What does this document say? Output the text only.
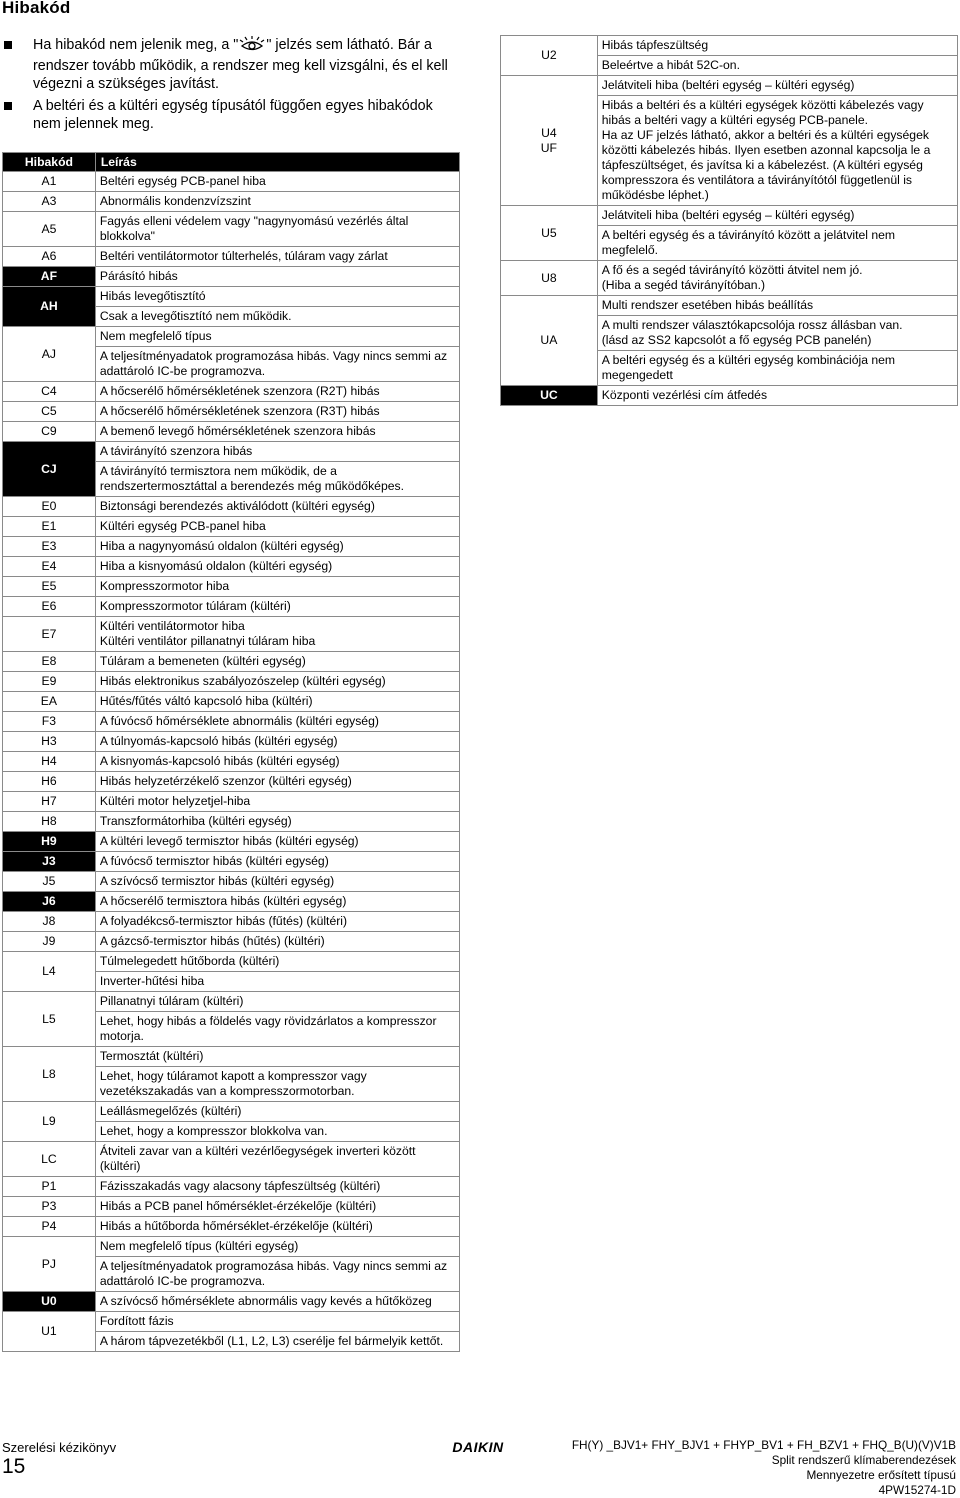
Hibakód
Ha hibakód nem jelenik meg, a " " jelzés sem látható. Bár a rendszer tovább működik, a rendszer meg kell vizsgálni, és el kell végezni a szükséges javítást.
A beltéri és a kültéri egység típusától függően egyes hibakódok nem jelennek meg.
Hibakód	Leírás
A1	Beltéri egység PCB-panel hiba

A3	Abnormális kondenzvízszint

A5	Fagyás elleni védelem vagy "nagynyomású vezérlés által blokkolva"

A6	Beltéri ventilátormotor túlterhelés, túláram vagy zárlat

AF	Párásító hibás

AH	Hibás levegőtisztító
Csak a levegőtisztító nem működik.

AJ	Nem megfelelő típus
A teljesítményadatok programozása hibás. Vagy nincs semmi az adattároló IC-be programozva.

C4	A hőcserélő hőmérsékletének szenzora (R2T) hibás

C5	A hőcserélő hőmérsékletének szenzora (R3T) hibás

C9	A bemenő levegő hőmérsékletének szenzora hibás

CJ	A távirányító szenzora hibás
A távirányító termisztora nem működik, de a rendszertermosztáttal a berendezés még működőképes.

E0	Biztonsági berendezés aktiválódott (kültéri egység)

E1	Kültéri egység PCB-panel hiba

E3	Hiba a nagynyomású oldalon (kültéri egység)

E4	Hiba a kisnyomású oldalon (kültéri egység)

E5	Kompresszormotor hiba

E6	Kompresszormotor túláram (kültéri)

E7	Kültéri ventilátormotor hiba
Kültéri ventilátor pillanatnyi túláram hiba

E8	Túláram a bemeneten (kültéri egység)

E9	Hibás elektronikus szabályozószelep (kültéri egység)

EA	Hűtés/fűtés váltó kapcsoló hiba (kültéri)

F3	A fúvócső hőmérséklete abnormális (kültéri egység)

H3	A túlnyomás-kapcsoló hibás (kültéri egység)

H4	A kisnyomás-kapcsoló hibás (kültéri egység)

H6	Hibás helyzetérzékelő szenzor (kültéri egység)

H7	Kültéri motor helyzetjel-hiba

H8	Transzformátorhiba (kültéri egység)

H9	A kültéri levegő termisztor hibás (kültéri egység)

J3	A fúvócső termisztor hibás (kültéri egység)

J5	A szívócső termisztor hibás (kültéri egység)

J6	A hőcserélő termisztora hibás (kültéri egység)

J8	A folyadékcső-termisztor hibás (fűtés) (kültéri)

J9	A gázcső-termisztor hibás (hűtés) (kültéri)

L4	Túlmelegedett hűtőborda (kültéri)
Inverter-hűtési hiba

L5	Pillanatnyi túláram (kültéri)
Lehet, hogy hibás a földelés vagy rövidzárlatos a kompresszor motorja.

L8	Termosztát (kültéri)
Lehet, hogy túláramot kapott a kompresszor vagy vezetékszakadás van a kompresszormotorban.

L9	Leállásmegelőzés (kültéri)
Lehet, hogy a kompresszor blokkolva van.

LC	Átviteli zavar van a kültéri vezérlőegységek inverteri között (kültéri)

P1	Fázisszakadás vagy alacsony tápfeszültség (kültéri)

P3	Hibás a PCB panel hőmérséklet-érzékelője (kültéri)

P4	Hibás a hűtőborda hőmérséklet-érzékelője (kültéri)

PJ	Nem megfelelő típus (kültéri egység)
A teljesítményadatok programozása hibás. Vagy nincs semmi az adattároló IC-be programozva.

U0	A szívócső hőmérséklete abnormális vagy kevés a hűtőközeg

U1	Fordított fázis
A három tápvezetékből (L1, L2, L3) cserélje fel bármelyik kettőt.
U2	Hibás tápfeszültség
Beleértve a hibát 52C-on.

U4
UF	Jelátviteli hiba (beltéri egység – kültéri egység)
Hibás a beltéri és a kültéri egységek közötti kábelezés vagy hibás a beltéri vagy a kültéri egység PCB-panele.
Ha az UF jelzés látható, akkor a beltéri és a kültéri egységek közötti kábelezés hibás. Ilyen esetben azonnal kapcsolja le a tápfeszültséget, és javítsa ki a kábelezést. (A kültéri egység kompresszora és ventilátora a távirányítótól függetlenül is működésbe léphet.)

U5	Jelátviteli hiba (beltéri egység – kültéri egység)
A beltéri egység és a távirányító között a jelátvitel nem megfelelő.

U8	A fő és a segéd távirányító közötti átvitel nem jó.
(Hiba a segéd távirányítóban.)

UA	Multi rendszer esetében hibás beállítás
A multi rendszer választókapcsolója rossz állásban van.
(lásd az SS2 kapcsolót a fő egység PCB panelén)
A beltéri egység és a kültéri egység kombinációja nem megengedett

UC	Központi vezérlési cím átfedés
Szerelési kézikönyv
15
DAIKIN	FH(Y) _BJV1+ FHY_BJV1 + FHYP_BV1 + FH_BZV1 + FHQ_B(U)(V)V1B
Split rendszerű klímaberendezések
Mennyezetre erősített típusú
4PW15274-1D
